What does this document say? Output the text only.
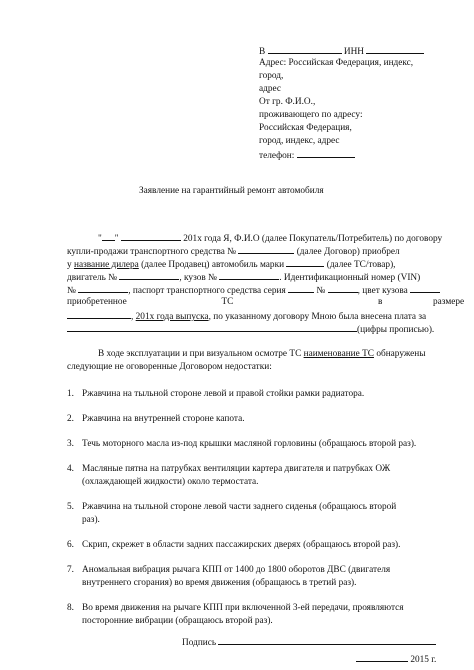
В	ИНН
Адрес: Российская Федерация, индекс,
город,
адрес
От гр. Ф.И.О.,
проживающего по адресу:
Российская Федерация,
город, индекс, адрес
телефон:
Заявление на гарантийный ремонт автомобиля
" "	201х года Я, Ф.И.О (далее Покупатель/Потребитель) по договору
купли-продажи транспортного средства №	(далее Договор) приобрел
у название дилера (далее Продавец) автомобиль марки	(далее ТС/товар),
двигатель №	, кузов №	. Идентификационный номер (VIN)
№	, паспорт транспортного средства серия	№	, цвет кузова
приобретенное	ТС	в	размере
, 201х года выпуска, по указанному договору Мною была внесена плата за
(цифры прописью).
В ходе эксплуатации и при визуальном осмотре ТС наименование ТС обнаружены
следующие не оговоренные Договором недостатки:
1. Ржавчина на тыльной стороне левой и правой стойки рамки радиатора.
2. Ржавчина на внутренней стороне капота.
3. Течь моторного масла из-под крышки масляной горловины (обращаюсь второй раз).
4. Масляные пятна на патрубках вентиляции картера двигателя и патрубках ОЖ
(охлаждающей жидкости) около термостата.
5. Ржавчина на тыльной стороне левой части заднего сиденья (обращаюсь второй
раз).
6. Скрип, скрежет в области задних пассажирских дверях (обращаюсь второй раз).
7. Аномальная вибрация рычага КПП от 1400 до 1800 оборотов ДВС (двигателя
внутреннего сгорания) во время движения (обращаюсь в третий раз).
8. Во время движения на рычаге КПП при включенной 3-ей передачи, проявляются
посторонние вибрации (обращаюсь второй раз).
Подпись
2015 г.
